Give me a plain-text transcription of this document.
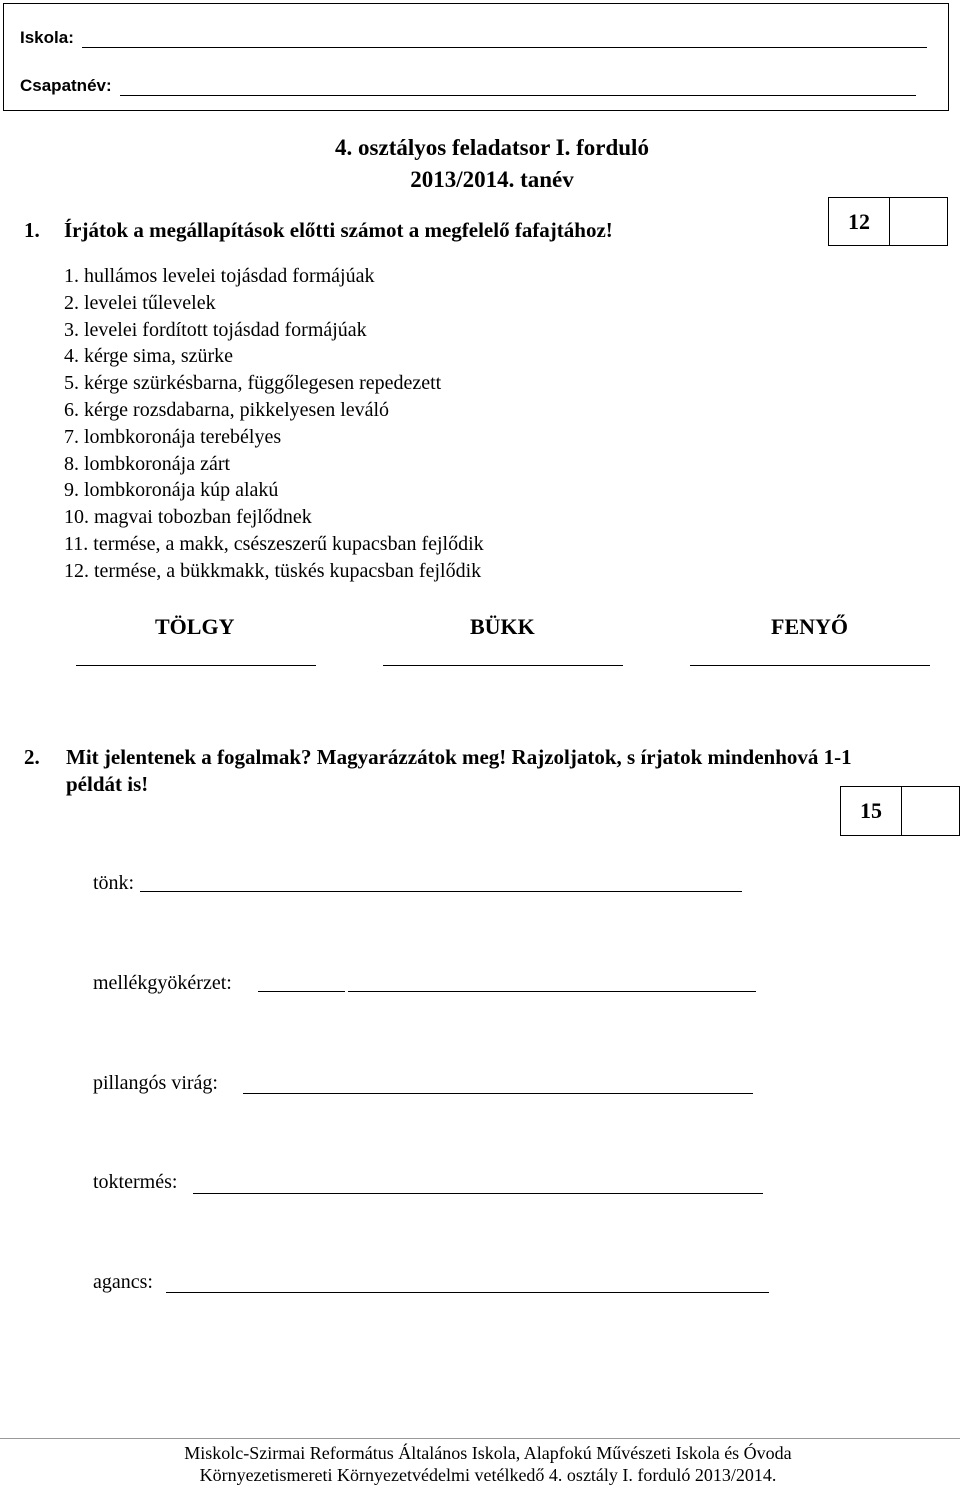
Iskola:
Csapatnév:
4. osztályos feladatsor I. forduló
2013/2014. tanév
1. Írjátok a megállapítások előtti számot a megfelelő fafajtához!	12
1. hullámos levelei tojásdad formájúak
2. levelei tűlevelek
3. levelei fordított tojásdad formájúak
4. kérge sima, szürke
5. kérge szürkésbarna, függőlegesen repedezett
6. kérge rozsdabarna, pikkelyesen leváló
7. lombkoronája terebélyes
8. lombkoronája zárt
9. lombkoronája kúp alakú
10. magvai tobozban fejlődnek
11. termése, a makk, csészeszerű kupacsban fejlődik
12. termése, a bükkmakk, tüskés kupacsban fejlődik
TÖLGY	BÜKK	FENYŐ
2. Mit jelentenek a fogalmak? Magyarázzátok meg! Rajzoljatok, s írjatok mindenhová 1-1
példát is!
15
tönk:
mellékgyökérzet:
pillangós virág:
toktermés:
agancs:
Miskolc-Szirmai Református Általános Iskola, Alapfokú Művészeti Iskola és Óvoda
Környezetismereti Környezetvédelmi vetélkedő 4. osztály I. forduló 2013/2014.
